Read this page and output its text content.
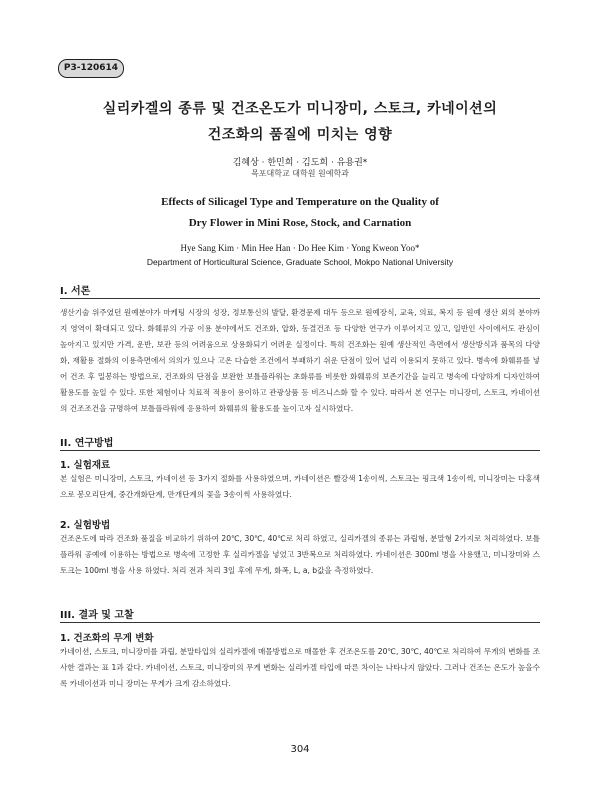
P3-120614
실리카겔의 종류 및 건조온도가 미니장미, 스토크, 카네이션의
건조화의 품질에 미치는 영향
김혜상 · 한민희 · 김도희 · 유용권*
목포대학교 대학원 원예학과
Effects of Silicagel Type and Temperature on the Quality of
Dry Flower in Mini Rose, Stock, and Carnation
Hye Sang Kim · Min Hee Han · Do Hee Kim · Yong Kweon Yoo*
Department of Horticultural Science, Graduate School, Mokpo National University
I. 서론

생산기술 위주였던 원예분야가 마케팅 시장의 성장, 정보통신의 발달, 환경문제 대두 등으로 원예장식, 교육, 의료, 복지 등 원예 생산 외의 분야까지 영역이 확대되고 있다. 화훼류의 가공 이용 분야에서도 건조화, 압화, 동결건조 등 다양한 연구가 이루어지고 있고, 일반인 사이에서도 관심이 높아지고 있지만 가격, 운반, 보관 등의 어려움으로 상용화되기 어려운 실정이다. 특히 건조화는 원예 생산적인 측면에서 생산방식과 품목의 다양화, 재활용 절화의 이용측면에서 의의가 있으나 고온 다습한 조건에서 부패하기 쉬운 단점이 있어 널리 이용되지 못하고 있다. 병속에 화훼류를 넣어 건조 후 밀봉하는 방법으로, 건조화의 단점을 보완한 보틀플라워는 초화류를 비롯한 화훼류의 보존기간을 늘리고 병속에 다양하게 디자인하여 활용도를 높일 수 있다. 또한 체험이나 치료적 적용이 용이하고 관광상품 등 비즈니스화 할 수 있다. 따라서 본 연구는 미니장미, 스토크, 카네이션의 건조조건을 규명하여 보틀플라워에 응용하여 화훼류의 활용도를 높이고자 실시하였다.

II. 연구방법
1. 실험재료

본 실험은 미니장미, 스토크, 카네이션 등 3가지 절화를 사용하였으며, 카네이션은 빨강색 1송이씩, 스토크는 핑크색 1송이씩, 미니장미는 다홍색으로 봉오리단계, 중간개화단계, 만개단계의 꽃을 3송이씩 사용하였다.

2. 실험방법

건조온도에 따라 건조화 품질을 비교하기 위하여 20℃, 30℃, 40℃로 처리 하였고, 실리카겔의 종류는 과립형, 분말형 2가지로 처리하였다. 보틀플라워 공예에 이용하는 방법으로 병속에 고정한 후 실리카겔을 넣었고 3반복으로 처리하였다. 카네이션은 300ml 병을 사용했고, 미니장미와 스토크는 100ml 병을 사용 하였다. 처리 전과 처리 3일 후에 무게, 화폭, L, a, b값을 측정하였다.

III. 결과 및 고찰
1. 건조화의 무게 변화

카네이션, 스토크, 미니장미를 과립, 분말타입의 실리카겔에 매몰방법으로 매몰한 후 건조온도를 20℃, 30℃, 40℃로 처리하여 무게의 변화를 조사한 결과는 표 1과 같다. 카네이션, 스토크, 미니장미의 무게 변화는 실리카겔 타입에 따른 차이는 나타나지 않았다. 그러나 건조는 온도가 높을수록 카네이션과 미니 장미는 무게가 크게 감소하였다.

304
